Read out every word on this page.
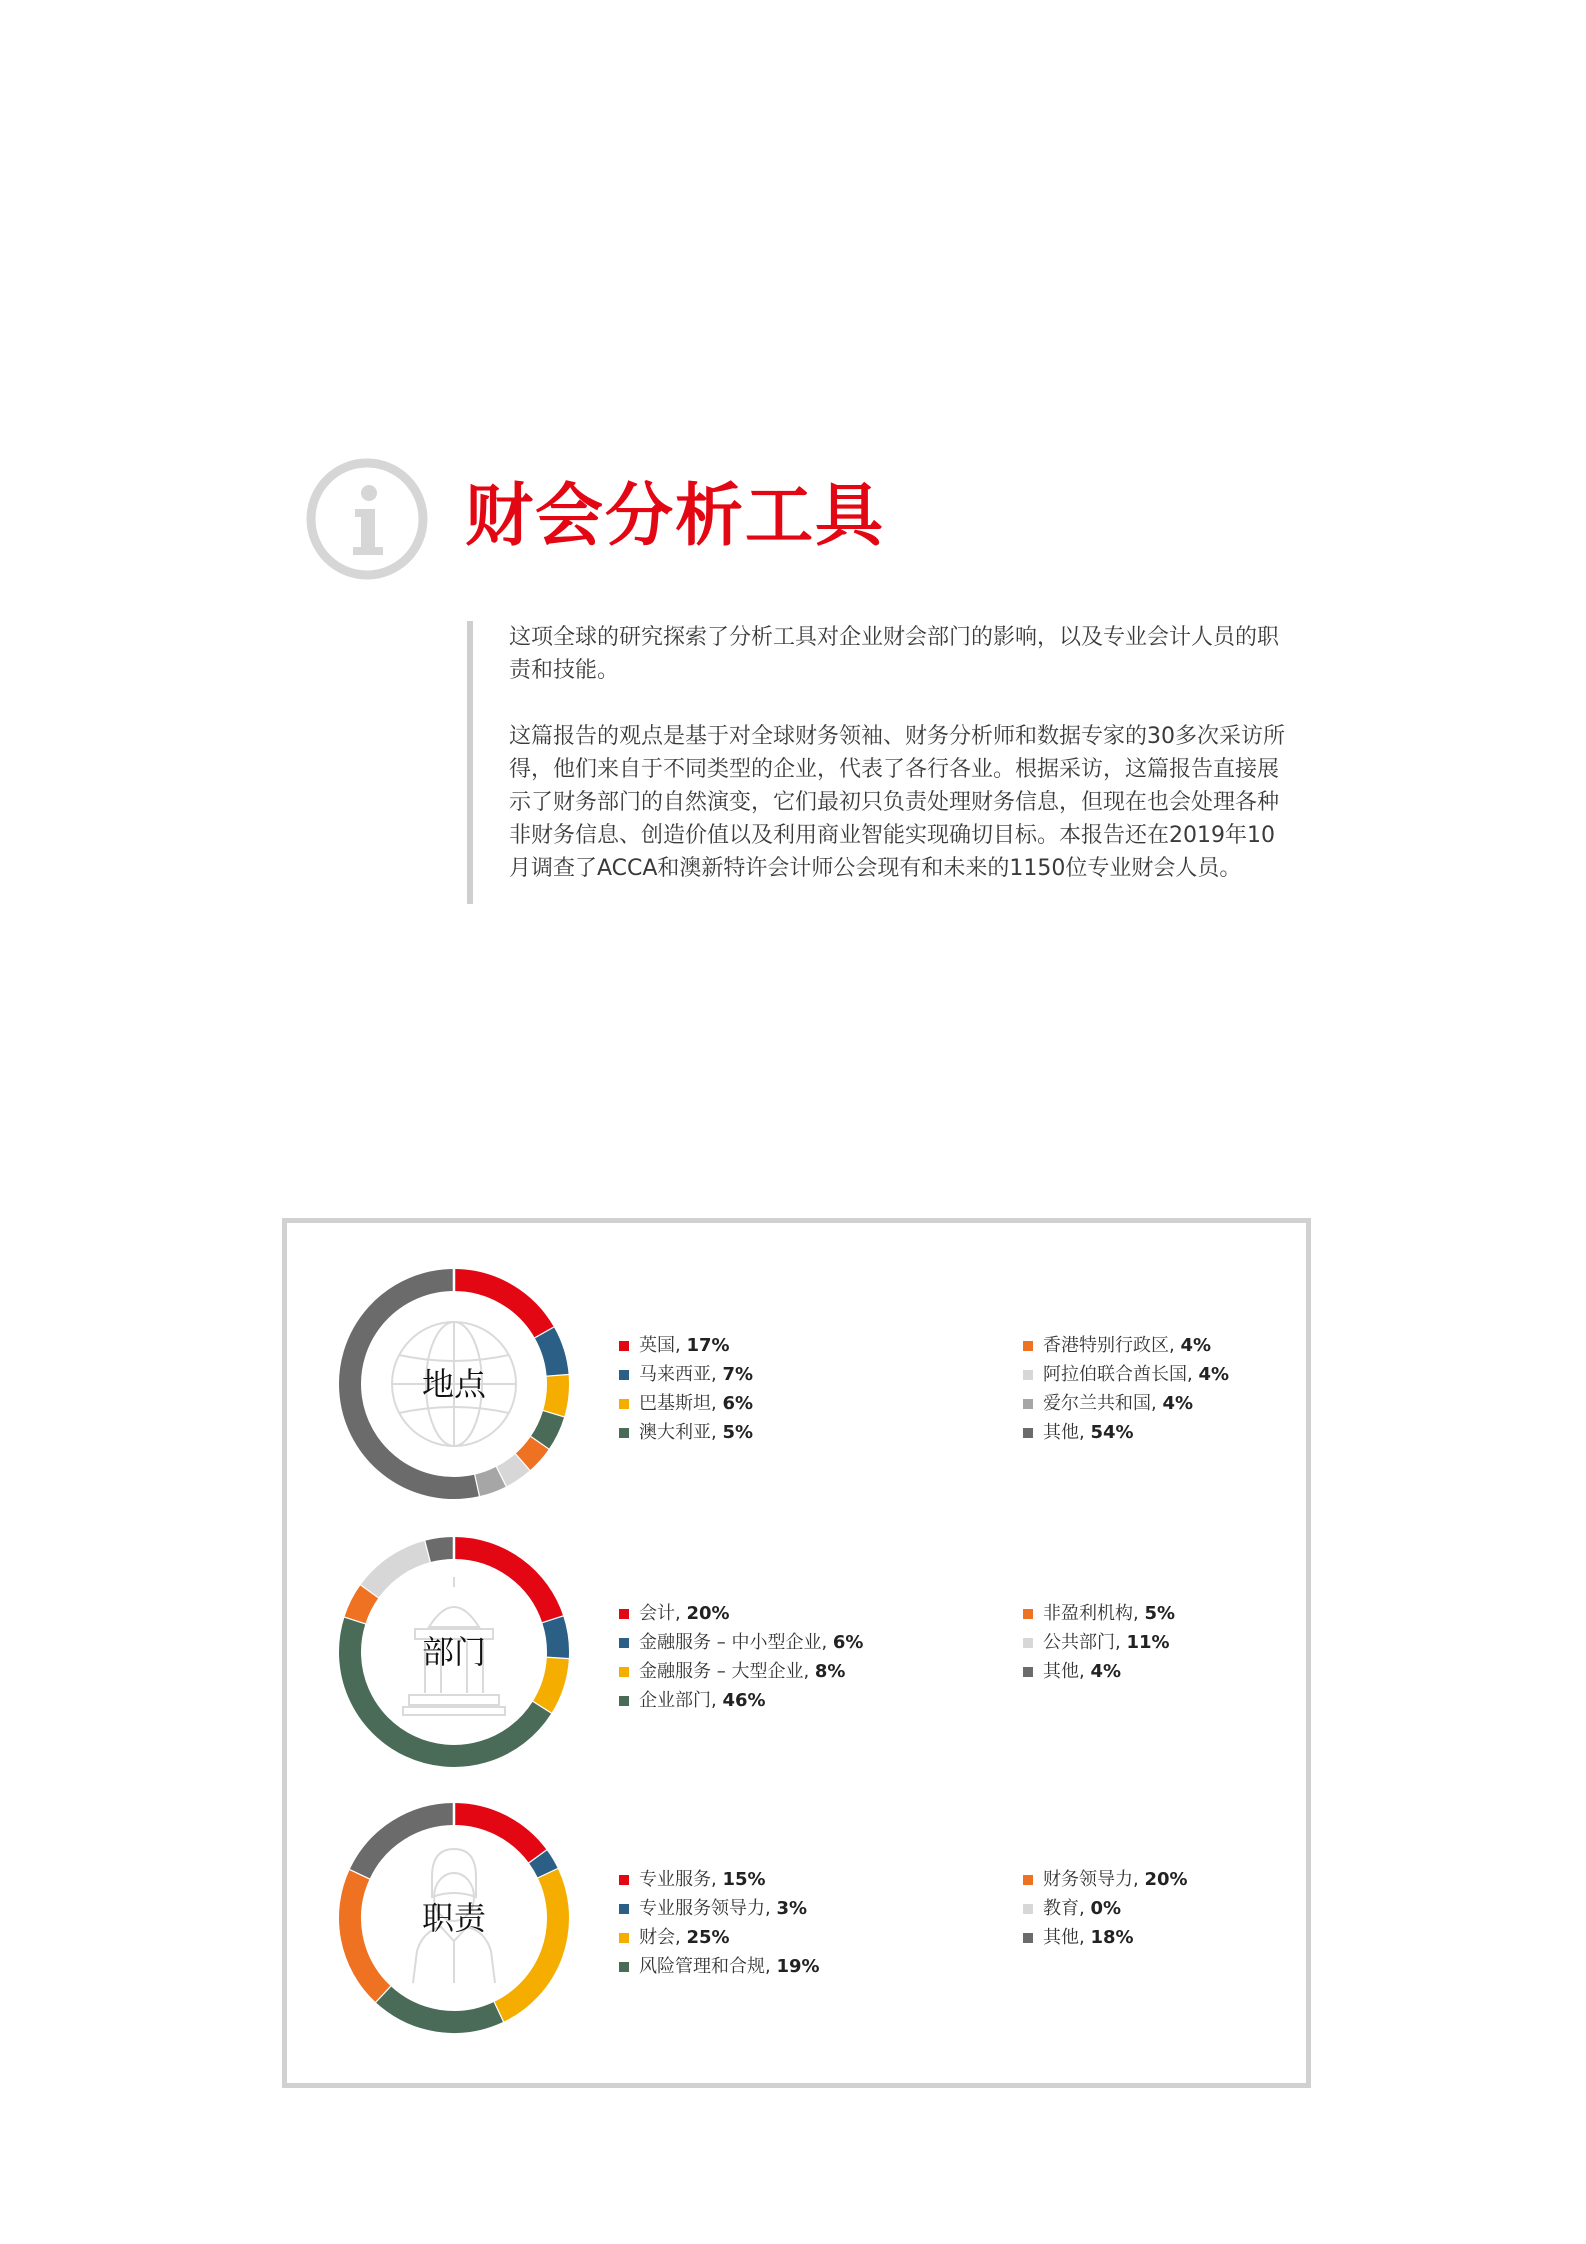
财会分析工具

这项全球的研究探索了分析工具对企业财会部门的影响，以及专业会计人员的职责和技能。

这篇报告的观点是基于对全球财务领袖、财务分析师和数据专家的30多次采访所得，他们来自于不同类型的企业，代表了各行各业。根据采访，这篇报告直接展示了财务部门的自然演变，它们最初只负责处理财务信息，但现在也会处理各种非财务信息、创造价值以及利用商业智能实现确切目标。本报告还在2019年10月调查了ACCA和澳新特许会计师公会现有和未来的1150位专业财会人员。

地点
英国, 17%
马来西亚, 7%
巴基斯坦, 6%
澳大利亚, 5%
香港特别行政区, 4%
阿拉伯联合酋长国, 4%
爱尔兰共和国, 4%
其他, 54%
部门
会计, 20%
金融服务 – 中小型企业, 6%
金融服务 – 大型企业, 8%
企业部门, 46%
非盈利机构, 5%
公共部门, 11%
其他, 4%
职责
专业服务, 15%
专业服务领导力, 3%
财会, 25%
风险管理和合规, 19%
财务领导力, 20%
教育, 0%
其他, 18%
